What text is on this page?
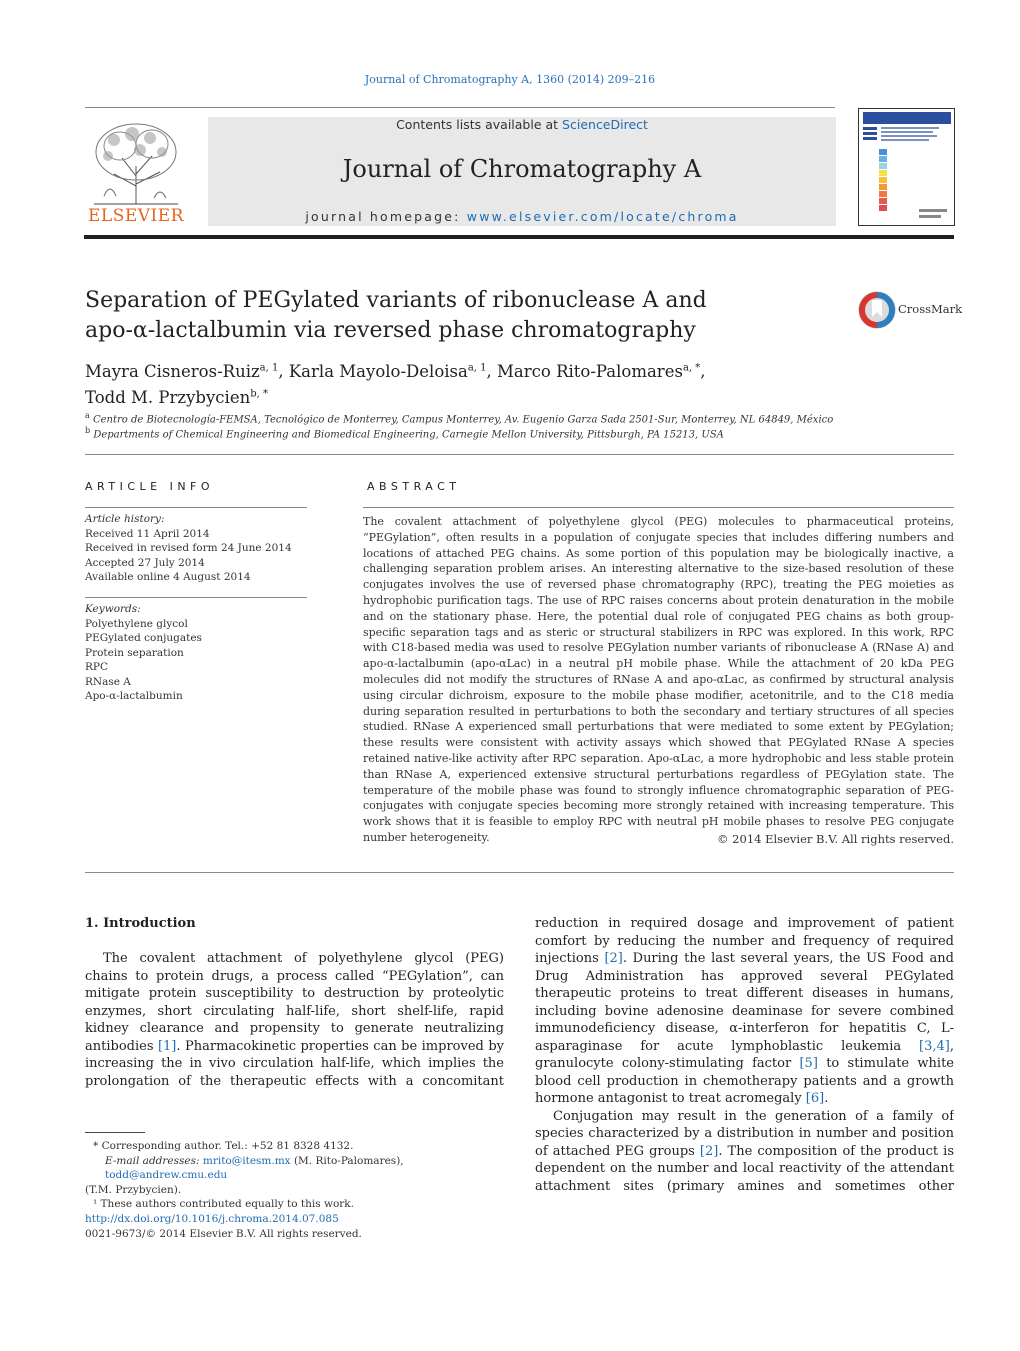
Journal of Chromatography A, 1360 (2014) 209–216
ELSEVIER
Contents lists available at ScienceDirect
Journal of Chromatography A
journal homepage: www.elsevier.com/locate/chroma
Separation of PEGylated variants of ribonuclease A and
apo-α-lactalbumin via reversed phase chromatography
CrossMark
Mayra Cisneros-Ruiz$^{a, 1}$, Karla Mayolo-Deloisa$^{a, 1}$, Marco Rito-Palomares$^{a, *}$,
Todd M. Przybycien$^{b, *}$
$^a$ Centro de Biotecnología-FEMSA, Tecnológico de Monterrey, Campus Monterrey, Av. Eugenio Garza Sada 2501-Sur, Monterrey, NL 64849, México
$^b$ Departments of Chemical Engineering and Biomedical Engineering, Carnegie Mellon University, Pittsburgh, PA 15213, USA
ARTICLE INFO
Article history:
Received 11 April 2014
Received in revised form 24 June 2014
Accepted 27 July 2014
Available online 4 August 2014
Keywords:
Polyethylene glycol
PEGylated conjugates
Protein separation
RPC
RNase A
Apo-α-lactalbumin
ABSTRACT
The covalent attachment of polyethylene glycol (PEG) molecules to pharmaceutical proteins, “PEGylation”, often results in a population of conjugate species that includes differing numbers and locations of attached PEG chains. As some portion of this population may be biologically inactive, a challenging separation problem arises. An interesting alternative to the size-based resolution of these conjugates involves the use of reversed phase chromatography (RPC), treating the PEG moieties as hydrophobic purification tags. The use of RPC raises concerns about protein denaturation in the mobile and on the stationary phase. Here, the potential dual role of conjugated PEG chains as both group-specific separation tags and as steric or structural stabilizers in RPC was explored. In this work, RPC with C18-based media was used to resolve PEGylation number variants of ribonuclease A (RNase A) and apo-α-lactalbumin (apo-αLac) in a neutral pH mobile phase. While the attachment of 20 kDa PEG molecules did not modify the structures of RNase A and apo-αLac, as confirmed by structural analysis using circular dichroism, exposure to the mobile phase modifier, acetonitrile, and to the C18 media during separation resulted in perturbations to both the secondary and tertiary structures of all species studied. RNase A experienced small perturbations that were mediated to some extent by PEGylation; these results were consistent with activity assays which showed that PEGylated RNase A species retained native-like activity after RPC separation. Apo-αLac, a more hydrophobic and less stable protein than RNase A, experienced extensive structural perturbations regardless of PEGylation state. The temperature of the mobile phase was found to strongly influence chromatographic separation of PEG-conjugates with conjugate species becoming more strongly retained with increasing temperature. This work shows that it is feasible to employ RPC with neutral pH mobile phases to resolve PEG conjugate number heterogeneity.	© 2014 Elsevier B.V. All rights reserved.
1. Introduction

The covalent attachment of polyethylene glycol (PEG) chains to protein drugs, a process called “PEGylation”, can mitigate protein susceptibility to destruction by proteolytic enzymes, short circulating half-life, short shelf-life, rapid kidney clearance and propensity to generate neutralizing antibodies [1]. Pharmacokinetic properties can be improved by increasing the in vivo circulation half-life, which implies the prolongation of the therapeutic effects with a concomitant

reduction in required dosage and improvement of patient comfort by reducing the number and frequency of required injections [2]. During the last several years, the US Food and Drug Administration has approved several PEGylated therapeutic proteins to treat different diseases in humans, including bovine adenosine deaminase for severe combined immunodeficiency disease, α-interferon for hepatitis C, L-asparaginase for acute lymphoblastic leukemia [3,4], granulocyte colony-stimulating factor [5] to stimulate white blood cell production in chemotherapy patients and a growth hormone antagonist to treat acromegaly [6].

Conjugation may result in the generation of a family of species characterized by a distribution in number and position of attached PEG groups [2]. The composition of the product is dependent on the number and local reactivity of the attendant attachment sites (primary amines and sometimes other

* Corresponding author. Tel.: +52 81 8328 4132.
E-mail addresses: mrito@itesm.mx (M. Rito-Palomares), todd@andrew.cmu.edu
(T.M. Przybycien).
¹ These authors contributed equally to this work.
http://dx.doi.org/10.1016/j.chroma.2014.07.085
0021-9673/© 2014 Elsevier B.V. All rights reserved.
